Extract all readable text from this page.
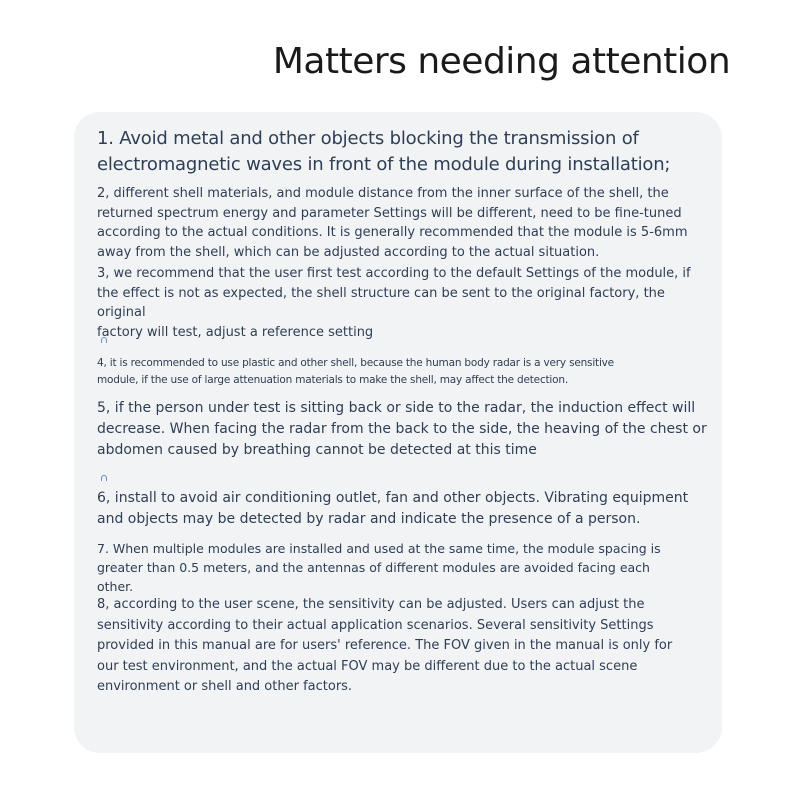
Matters needing attention

1. Avoid metal and other objects blocking the transmission of
electromagnetic waves in front of the module during installation;

2, different shell materials, and module distance from the inner surface of the shell, the
returned spectrum energy and parameter Settings will be different, need to be fine-tuned
according to the actual conditions. It is generally recommended that the module is 5-6mm
away from the shell, which can be adjusted according to the actual situation.

3, we recommend that the user first test according to the default Settings of the module, if
the effect is not as expected, the shell structure can be sent to the original factory, the original
factory will test, adjust a reference setting

4, it is recommended to use plastic and other shell, because the human body radar is a very sensitive
module, if the use of large attenuation materials to make the shell, may affect the detection.

5, if the person under test is sitting back or side to the radar, the induction effect will
decrease. When facing the radar from the back to the side, the heaving of the chest or
abdomen caused by breathing cannot be detected at this time

6, install to avoid air conditioning outlet, fan and other objects. Vibrating equipment
and objects may be detected by radar and indicate the presence of a person.

7. When multiple modules are installed and used at the same time, the module spacing is
greater than 0.5 meters, and the antennas of different modules are avoided facing each
other.

8, according to the user scene, the sensitivity can be adjusted. Users can adjust the
sensitivity according to their actual application scenarios. Several sensitivity Settings
provided in this manual are for users' reference. The FOV given in the manual is only for
our test environment, and the actual FOV may be different due to the actual scene
environment or shell and other factors.
